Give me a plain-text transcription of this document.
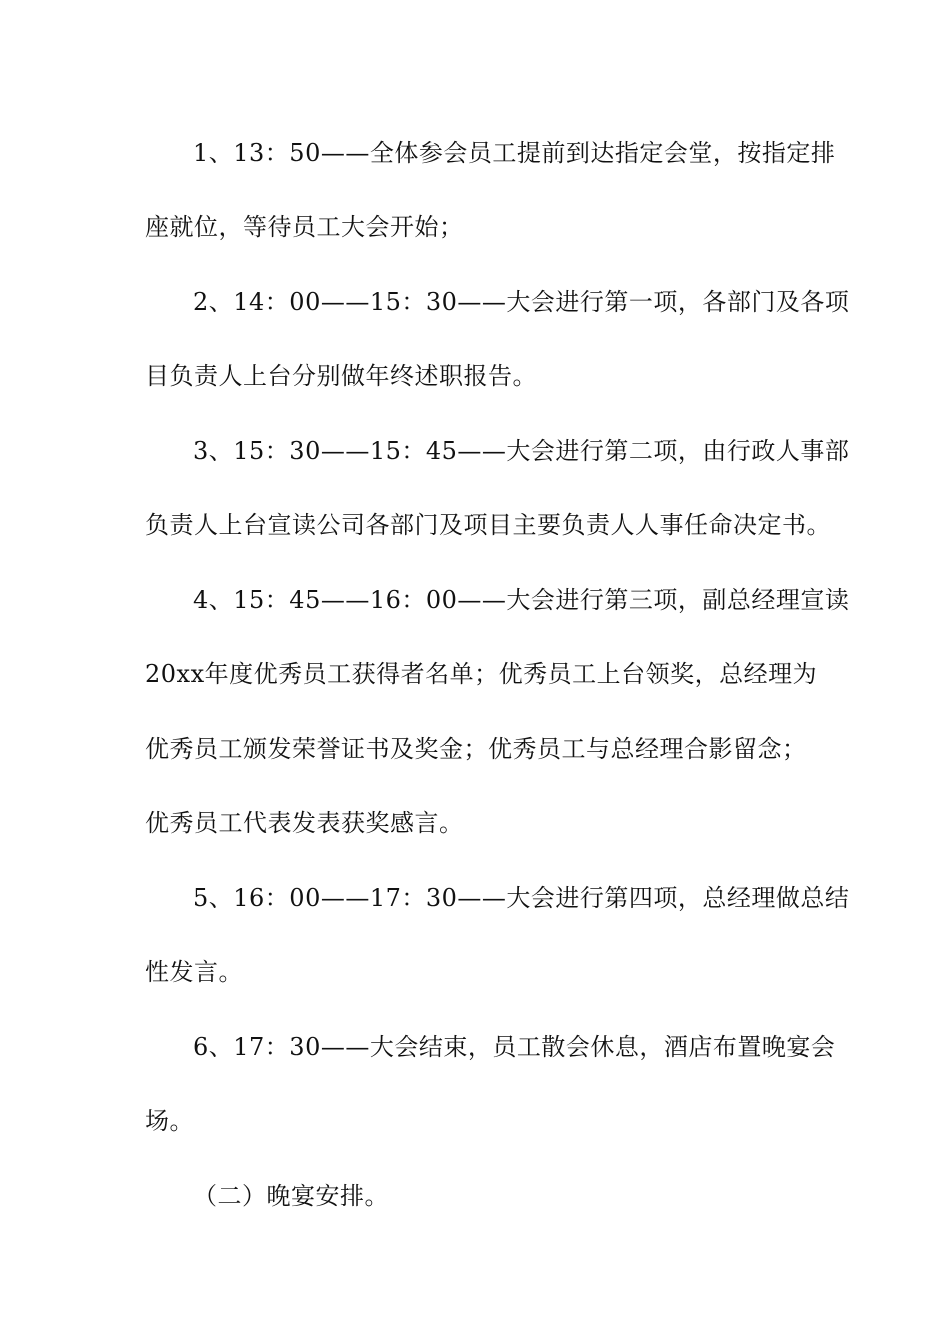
1、13：50——全体参会员工提前到达指定会堂，按指定排
座就位，等待员工大会开始；
2、14：00——15：30——大会进行第一项，各部门及各项
目负责人上台分别做年终述职报告。
3、15：30——15：45——大会进行第二项，由行政人事部
负责人上台宣读公司各部门及项目主要负责人人事任命决定书。
4、15：45——16：00——大会进行第三项，副总经理宣读
20xx年度优秀员工获得者名单；优秀员工上台领奖，总经理为
优秀员工颁发荣誉证书及奖金；优秀员工与总经理合影留念；
优秀员工代表发表获奖感言。
5、16：00——17：30——大会进行第四项，总经理做总结
性发言。
6、17：30——大会结束，员工散会休息，酒店布置晚宴会
场。
（二）晚宴安排。
